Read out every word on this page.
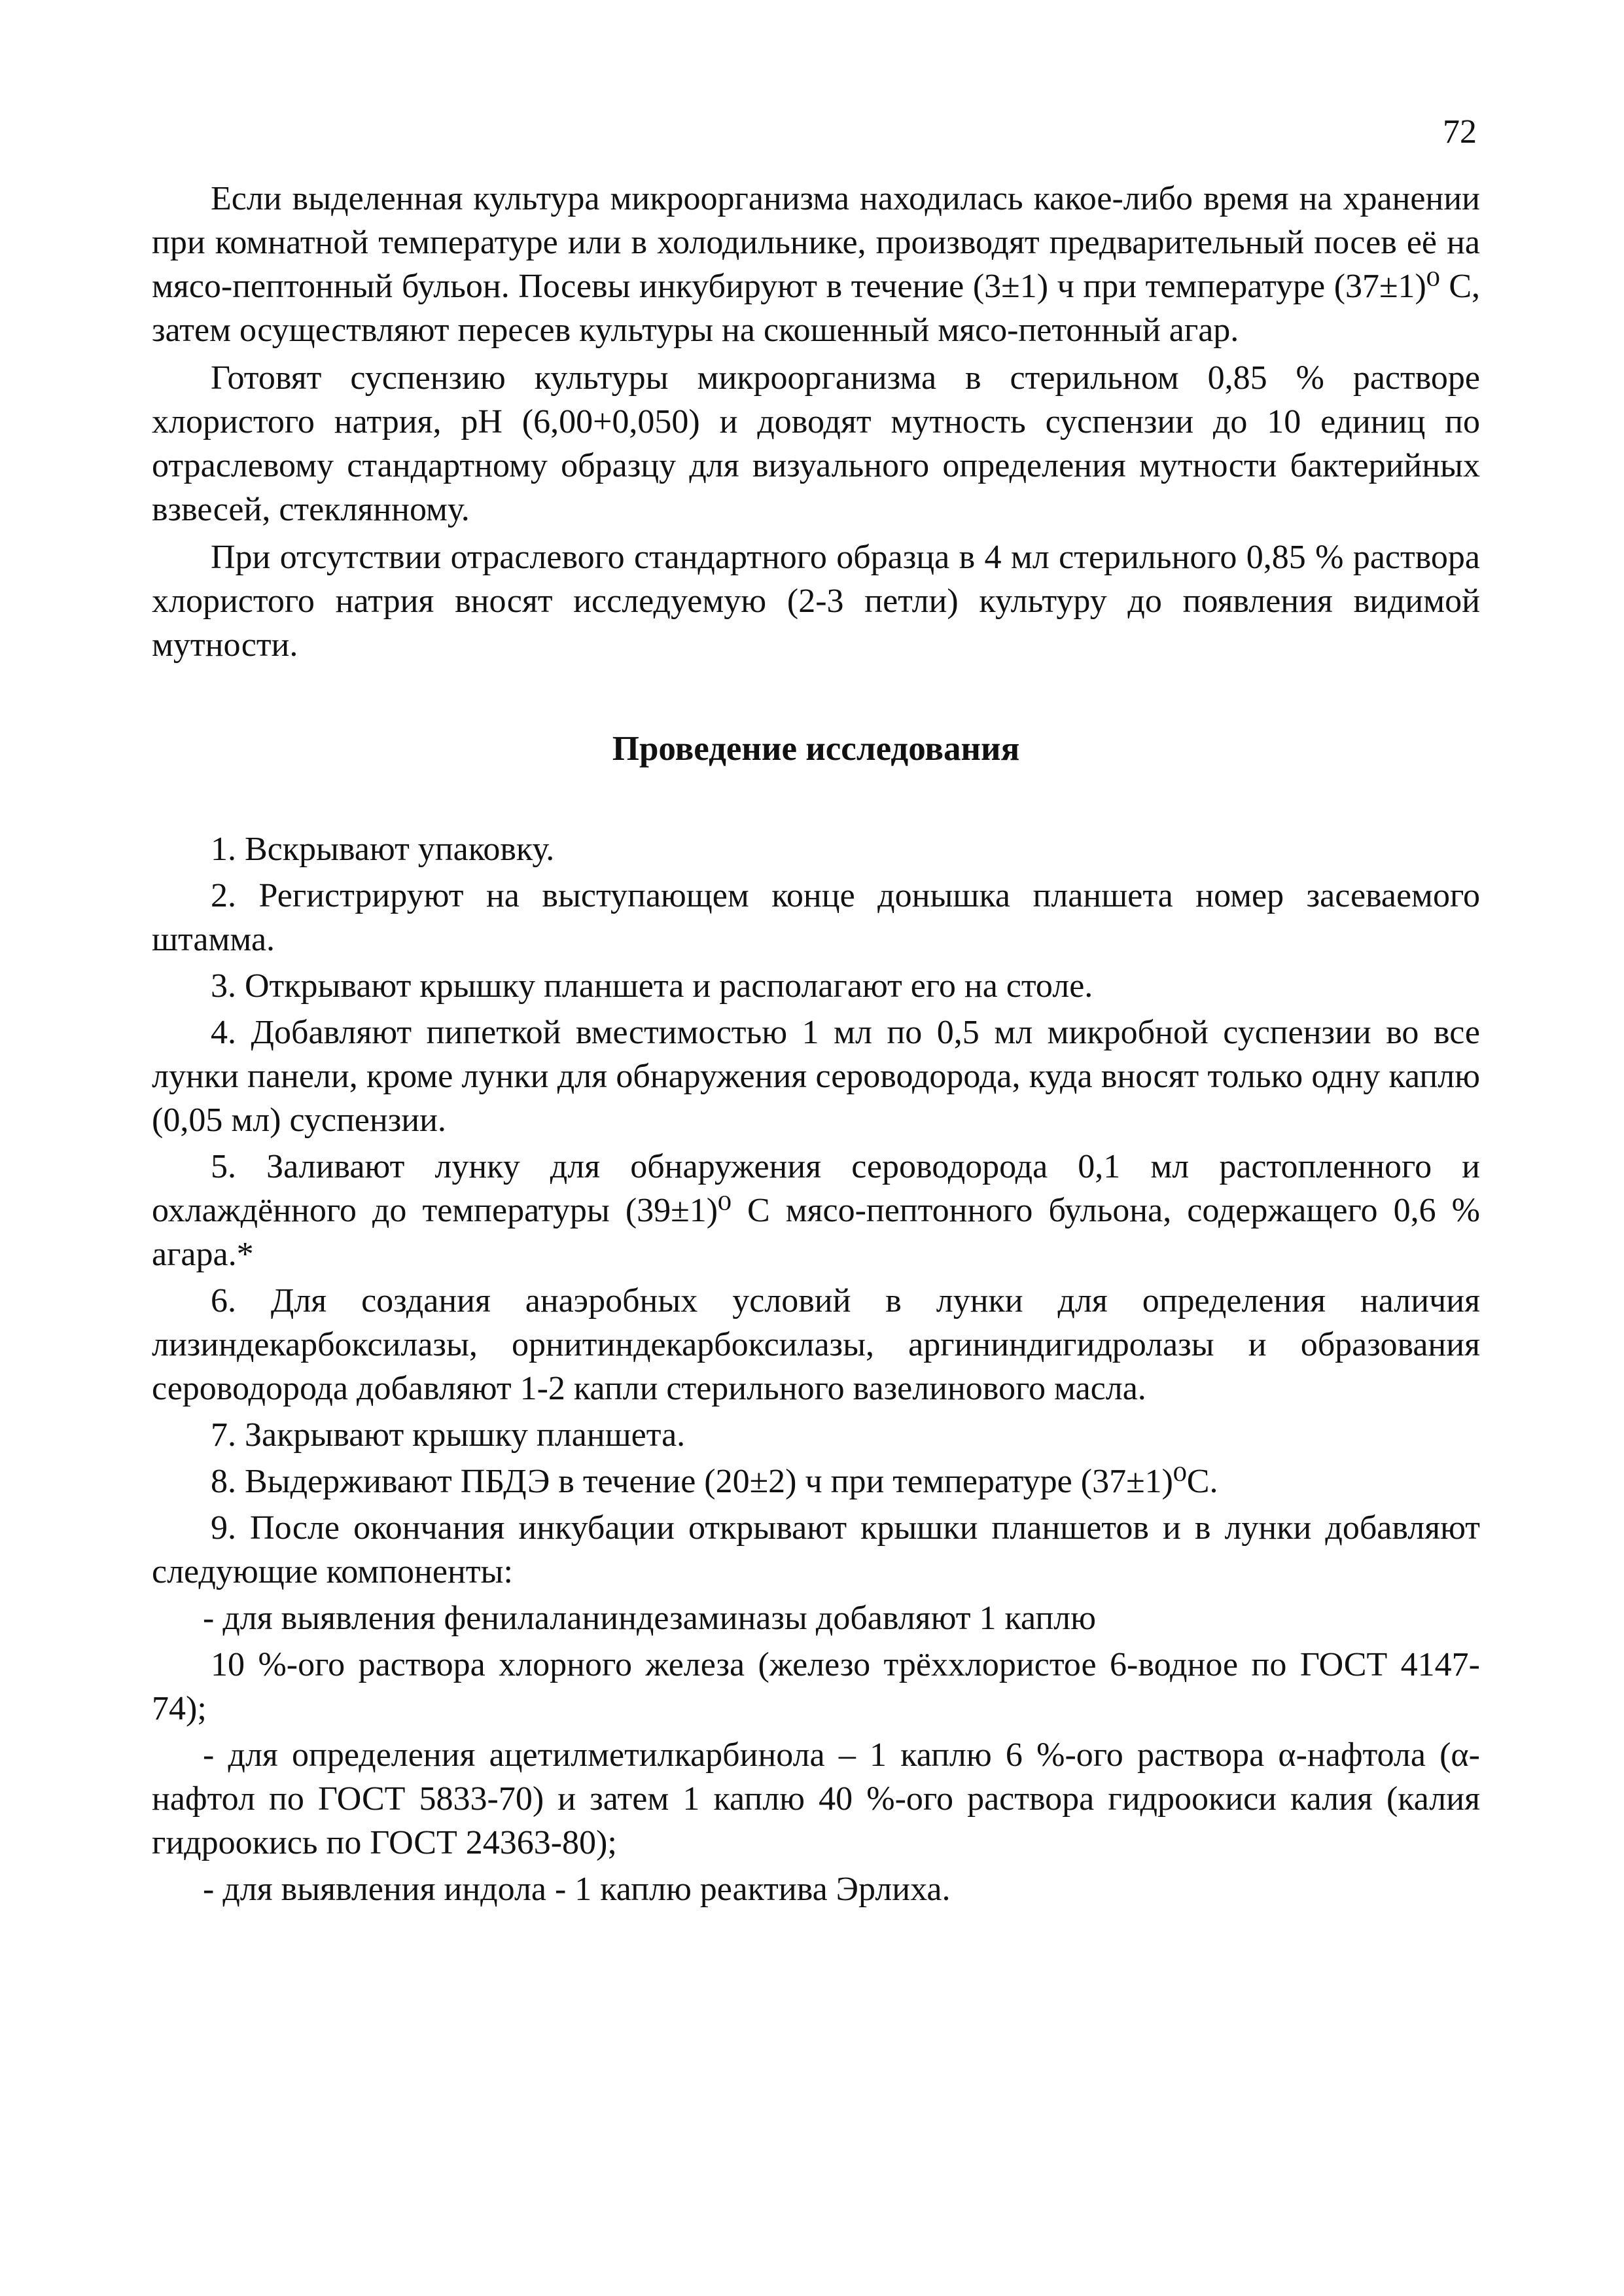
72

Если выделенная культура микроорганизма находилась какое-либо время на хранении при комнатной температуре или в холодильнике, производят предварительный посев её на мясо-пептонный бульон. Посевы инкубируют в течение (3±1) ч при температуре (37±1)⁰ С, затем осуществляют пересев культуры на скошенный мясо-петонный агар.

Готовят суспензию культуры микроорганизма в стерильном 0,85 % растворе хлористого натрия, pH (6,00+0,050) и доводят мутность суспензии до 10 единиц по отраслевому стандартному образцу для визуального определения мутности бактерийных взвесей, стеклянному.

При отсутствии отраслевого стандартного образца в 4 мл стерильного 0,85 % раствора хлористого натрия вносят исследуемую (2-3 петли) культуру до появления видимой мутности.

Проведение исследования

1. Вскрывают упаковку.

2. Регистрируют на выступающем конце донышка планшета номер засеваемого штамма.

3. Открывают крышку планшета и располагают его на столе.

4. Добавляют пипеткой вместимостью 1 мл по 0,5 мл микробной суспензии во все лунки панели, кроме лунки для обнаружения сероводорода, куда вносят только одну каплю (0,05 мл) суспензии.

5. Заливают лунку для обнаружения сероводорода 0,1 мл растопленного и охлаждённого до температуры (39±1)⁰ С мясо-пептонного бульона, содержащего 0,6 % агара.*

6. Для создания анаэробных условий в лунки для определения наличия лизиндекарбоксилазы, орнитиндекарбоксилазы, аргининдигидролазы и образования сероводорода добавляют 1-2 капли стерильного вазелинового масла.

7. Закрывают крышку планшета.

8. Выдерживают ПБДЭ в течение (20±2) ч при температуре (37±1)⁰С.

9. После окончания инкубации открывают крышки планшетов и в лунки добавляют следующие компоненты:

- для выявления фенилаланиндезаминазы добавляют 1 каплю

10 %-ого раствора хлорного железа (железо трёххлористое 6-водное по ГОСТ 4147-74);

- для определения ацетилметилкарбинола – 1 каплю 6 %-ого раствора α-нафтола (α-нафтол по ГОСТ 5833-70) и затем 1 каплю 40 %-ого раствора гидроокиси калия (калия гидроокись по ГОСТ 24363-80);

- для выявления индола - 1 каплю реактива Эрлиха.
